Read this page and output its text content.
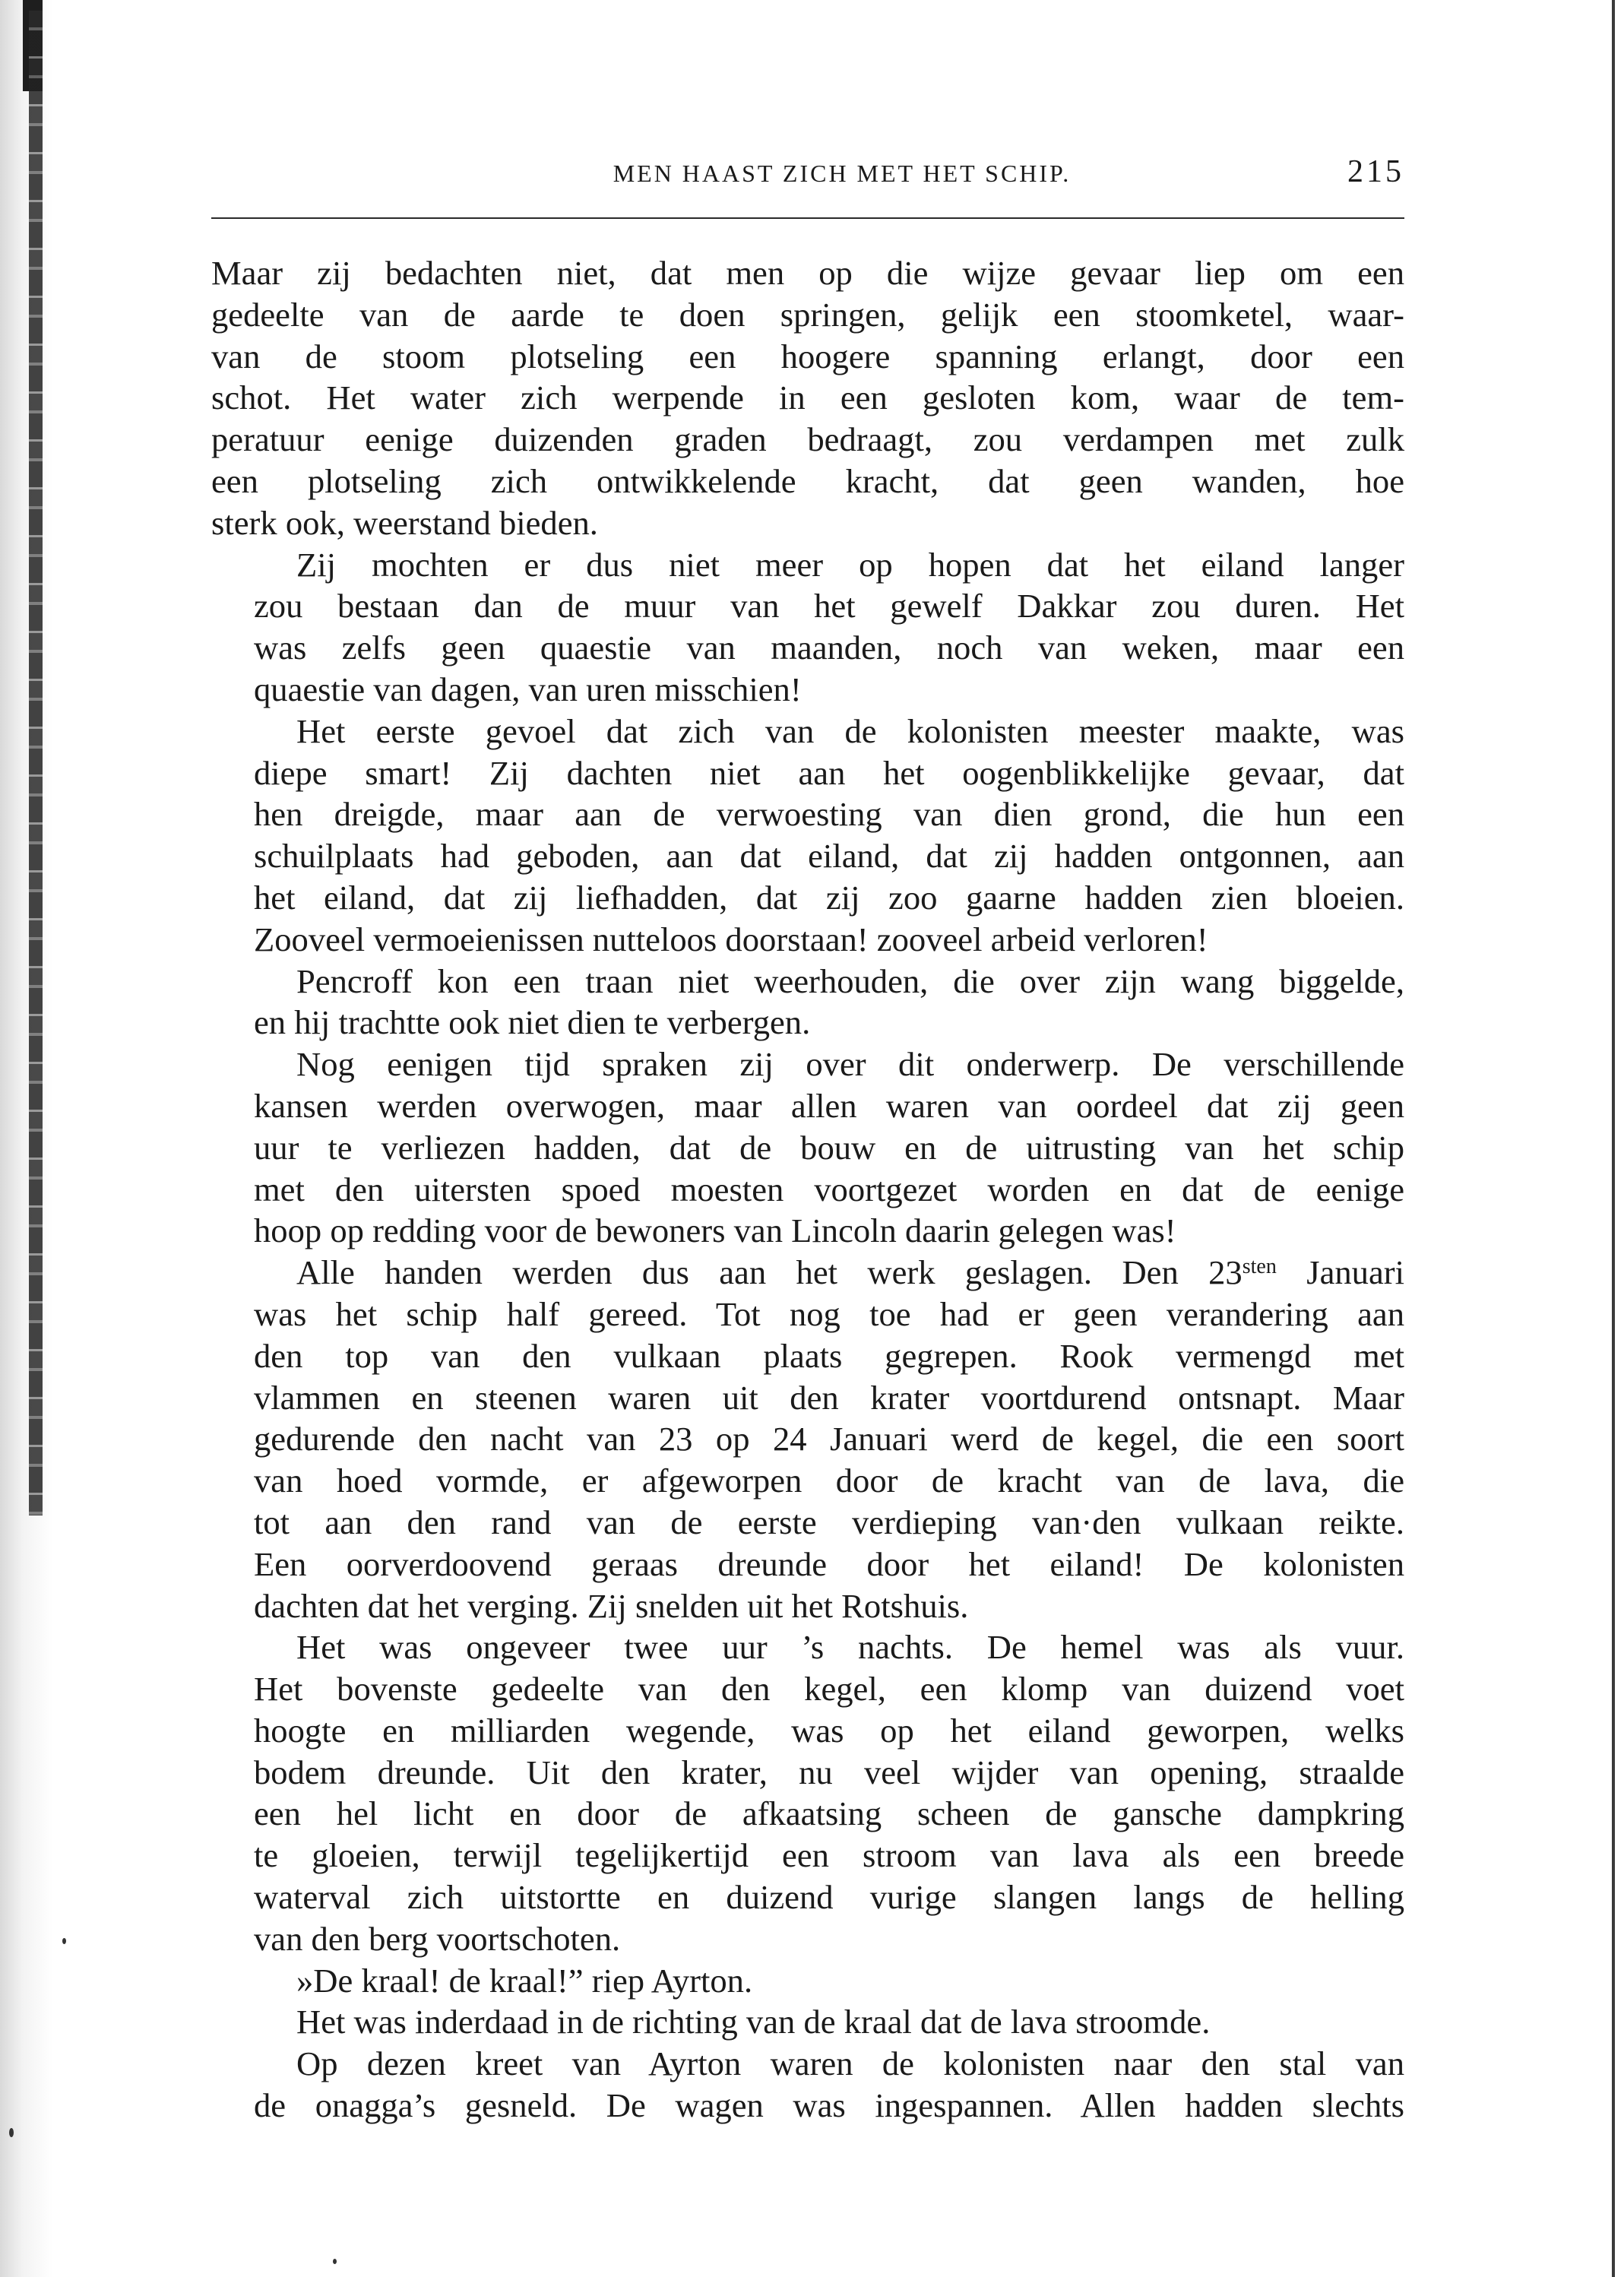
MEN HAAST ZICH MET HET SCHIP.	215

Maar zij bedachten niet, dat men op die wijze gevaar liep om een
gedeelte van de aarde te doen springen, gelijk een stoomketel, waar-
van de stoom plotseling een hoogere spanning erlangt, door een
schot. Het water zich werpende in een gesloten kom, waar de tem-
peratuur eenige duizenden graden bedraagt, zou verdampen met zulk
een plotseling zich ontwikkelende kracht, dat geen wanden, hoe
sterk ook, weerstand bieden.

Zij mochten er dus niet meer op hopen dat het eiland langer
zou bestaan dan de muur van het gewelf Dakkar zou duren. Het
was zelfs geen quaestie van maanden, noch van weken, maar een
quaestie van dagen, van uren misschien!

Het eerste gevoel dat zich van de kolonisten meester maakte, was
diepe smart! Zij dachten niet aan het oogenblikkelijke gevaar, dat
hen dreigde, maar aan de verwoesting van dien grond, die hun een
schuilplaats had geboden, aan dat eiland, dat zij hadden ontgonnen, aan
het eiland, dat zij liefhadden, dat zij zoo gaarne hadden zien bloeien.
Zooveel vermoeienissen nutteloos doorstaan! zooveel arbeid verloren!

Pencroff kon een traan niet weerhouden, die over zijn wang biggelde,
en hij trachtte ook niet dien te verbergen.

Nog eenigen tijd spraken zij over dit onderwerp. De verschillende
kansen werden overwogen, maar allen waren van oordeel dat zij geen
uur te verliezen hadden, dat de bouw en de uitrusting van het schip
met den uitersten spoed moesten voortgezet worden en dat de eenige
hoop op redding voor de bewoners van Lincoln daarin gelegen was!

Alle handen werden dus aan het werk geslagen. Den $23^{sten}$ Januari
was het schip half gereed. Tot nog toe had er geen verandering aan
den top van den vulkaan plaats gegrepen. Rook vermengd met
vlammen en steenen waren uit den krater voortdurend ontsnapt. Maar
gedurende den nacht van 23 op 24 Januari werd de kegel, die een soort
van hoed vormde, er afgeworpen door de kracht van de lava, die
tot aan den rand van de eerste verdieping van·den vulkaan reikte.
Een oorverdoovend geraas dreunde door het eiland! De kolonisten
dachten dat het verging. Zij snelden uit het Rotshuis.

Het was ongeveer twee uur ’s nachts. De hemel was als vuur.
Het bovenste gedeelte van den kegel, een klomp van duizend voet
hoogte en milliarden wegende, was op het eiland geworpen, welks
bodem dreunde. Uit den krater, nu veel wijder van opening, straalde
een hel licht en door de afkaatsing scheen de gansche dampkring
te gloeien, terwijl tegelijkertijd een stroom van lava als een breede
waterval zich uitstortte en duizend vurige slangen langs de helling
van den berg voortschoten.

»De kraal! de kraal!” riep Ayrton.

Het was inderdaad in de richting van de kraal dat de lava stroomde.

Op dezen kreet van Ayrton waren de kolonisten naar den stal van
de onagga’s gesneld. De wagen was ingespannen. Allen hadden slechts
